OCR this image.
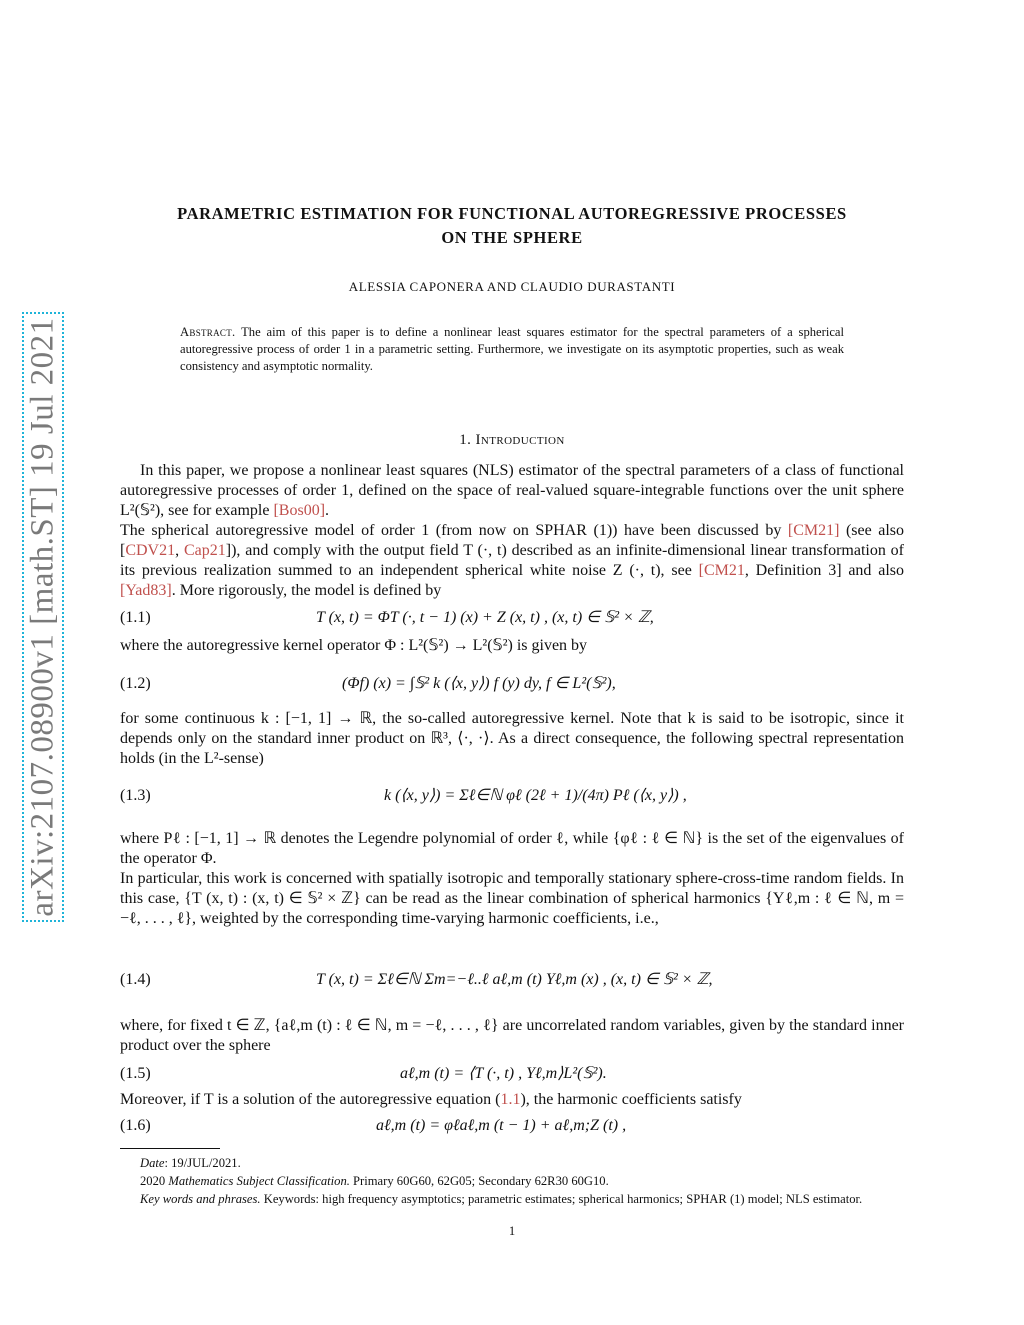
arXiv:2107.08900v1 [math.ST] 19 Jul 2021
PARAMETRIC ESTIMATION FOR FUNCTIONAL AUTOREGRESSIVE PROCESSES
ON THE SPHERE
ALESSIA CAPONERA AND CLAUDIO DURASTANTI
Abstract. The aim of this paper is to define a nonlinear least squares estimator for the spectral parameters of a spherical autoregressive process of order 1 in a parametric setting. Furthermore, we investigate on its asymptotic properties, such as weak consistency and asymptotic normality.
1. Introduction
In this paper, we propose a nonlinear least squares (NLS) estimator of the spectral parameters of a class of functional autoregressive processes of order 1, defined on the space of real-valued square-integrable functions over the unit sphere L²(𝕊²), see for example [Bos00].
The spherical autoregressive model of order 1 (from now on SPHAR (1)) have been discussed by [CM21] (see also [CDV21, Cap21]), and comply with the output field T (·, t) described as an infinite-dimensional linear transformation of its previous realization summed to an independent spherical white noise Z (·, t), see [CM21, Definition 3] and also [Yad83]. More rigorously, the model is defined by
(1.1)	T (x, t) = ΦT (·, t − 1) (x) + Z (x, t) , (x, t) ∈ 𝕊² × ℤ,
where the autoregressive kernel operator Φ : L²(𝕊²) → L²(𝕊²) is given by
(1.2)	(Φf) (x) = ∫𝕊² k (⟨x, y⟩) f (y) dy, f ∈ L²(𝕊²),
for some continuous k : [−1, 1] → ℝ, the so-called autoregressive kernel. Note that k is said to be isotropic, since it depends only on the standard inner product on ℝ³, ⟨·, ·⟩. As a direct consequence, the following spectral representation holds (in the L²-sense)
(1.3)	k (⟨x, y⟩) = Σℓ∈ℕ φℓ (2ℓ + 1)/(4π) Pℓ (⟨x, y⟩) ,
where Pℓ : [−1, 1] → ℝ denotes the Legendre polynomial of order ℓ, while {φℓ : ℓ ∈ ℕ} is the set of the eigenvalues of the operator Φ.
In particular, this work is concerned with spatially isotropic and temporally stationary sphere-cross-time random fields. In this case, {T (x, t) : (x, t) ∈ 𝕊² × ℤ} can be read as the linear combination of spherical harmonics {Yℓ,m : ℓ ∈ ℕ, m = −ℓ, . . . , ℓ}, weighted by the corresponding time-varying harmonic coefficients, i.e.,
(1.4)	T (x, t) = Σℓ∈ℕ Σm=−ℓ..ℓ aℓ,m (t) Yℓ,m (x) , (x, t) ∈ 𝕊² × ℤ,
where, for fixed t ∈ ℤ, {aℓ,m (t) : ℓ ∈ ℕ, m = −ℓ, . . . , ℓ} are uncorrelated random variables, given by the standard inner product over the sphere
(1.5)	aℓ,m (t) = ⟨T (·, t) , Yℓ,m⟩L²(𝕊²).
Moreover, if T is a solution of the autoregressive equation (1.1), the harmonic coefficients satisfy
(1.6)	aℓ,m (t) = φℓaℓ,m (t − 1) + aℓ,m;Z (t) ,
Date: 19/JUL/2021.
2020 Mathematics Subject Classification. Primary 60G60, 62G05; Secondary 62R30 60G10.
Key words and phrases. Keywords: high frequency asymptotics; parametric estimates; spherical harmonics; SPHAR (1) model; NLS estimator.
1
